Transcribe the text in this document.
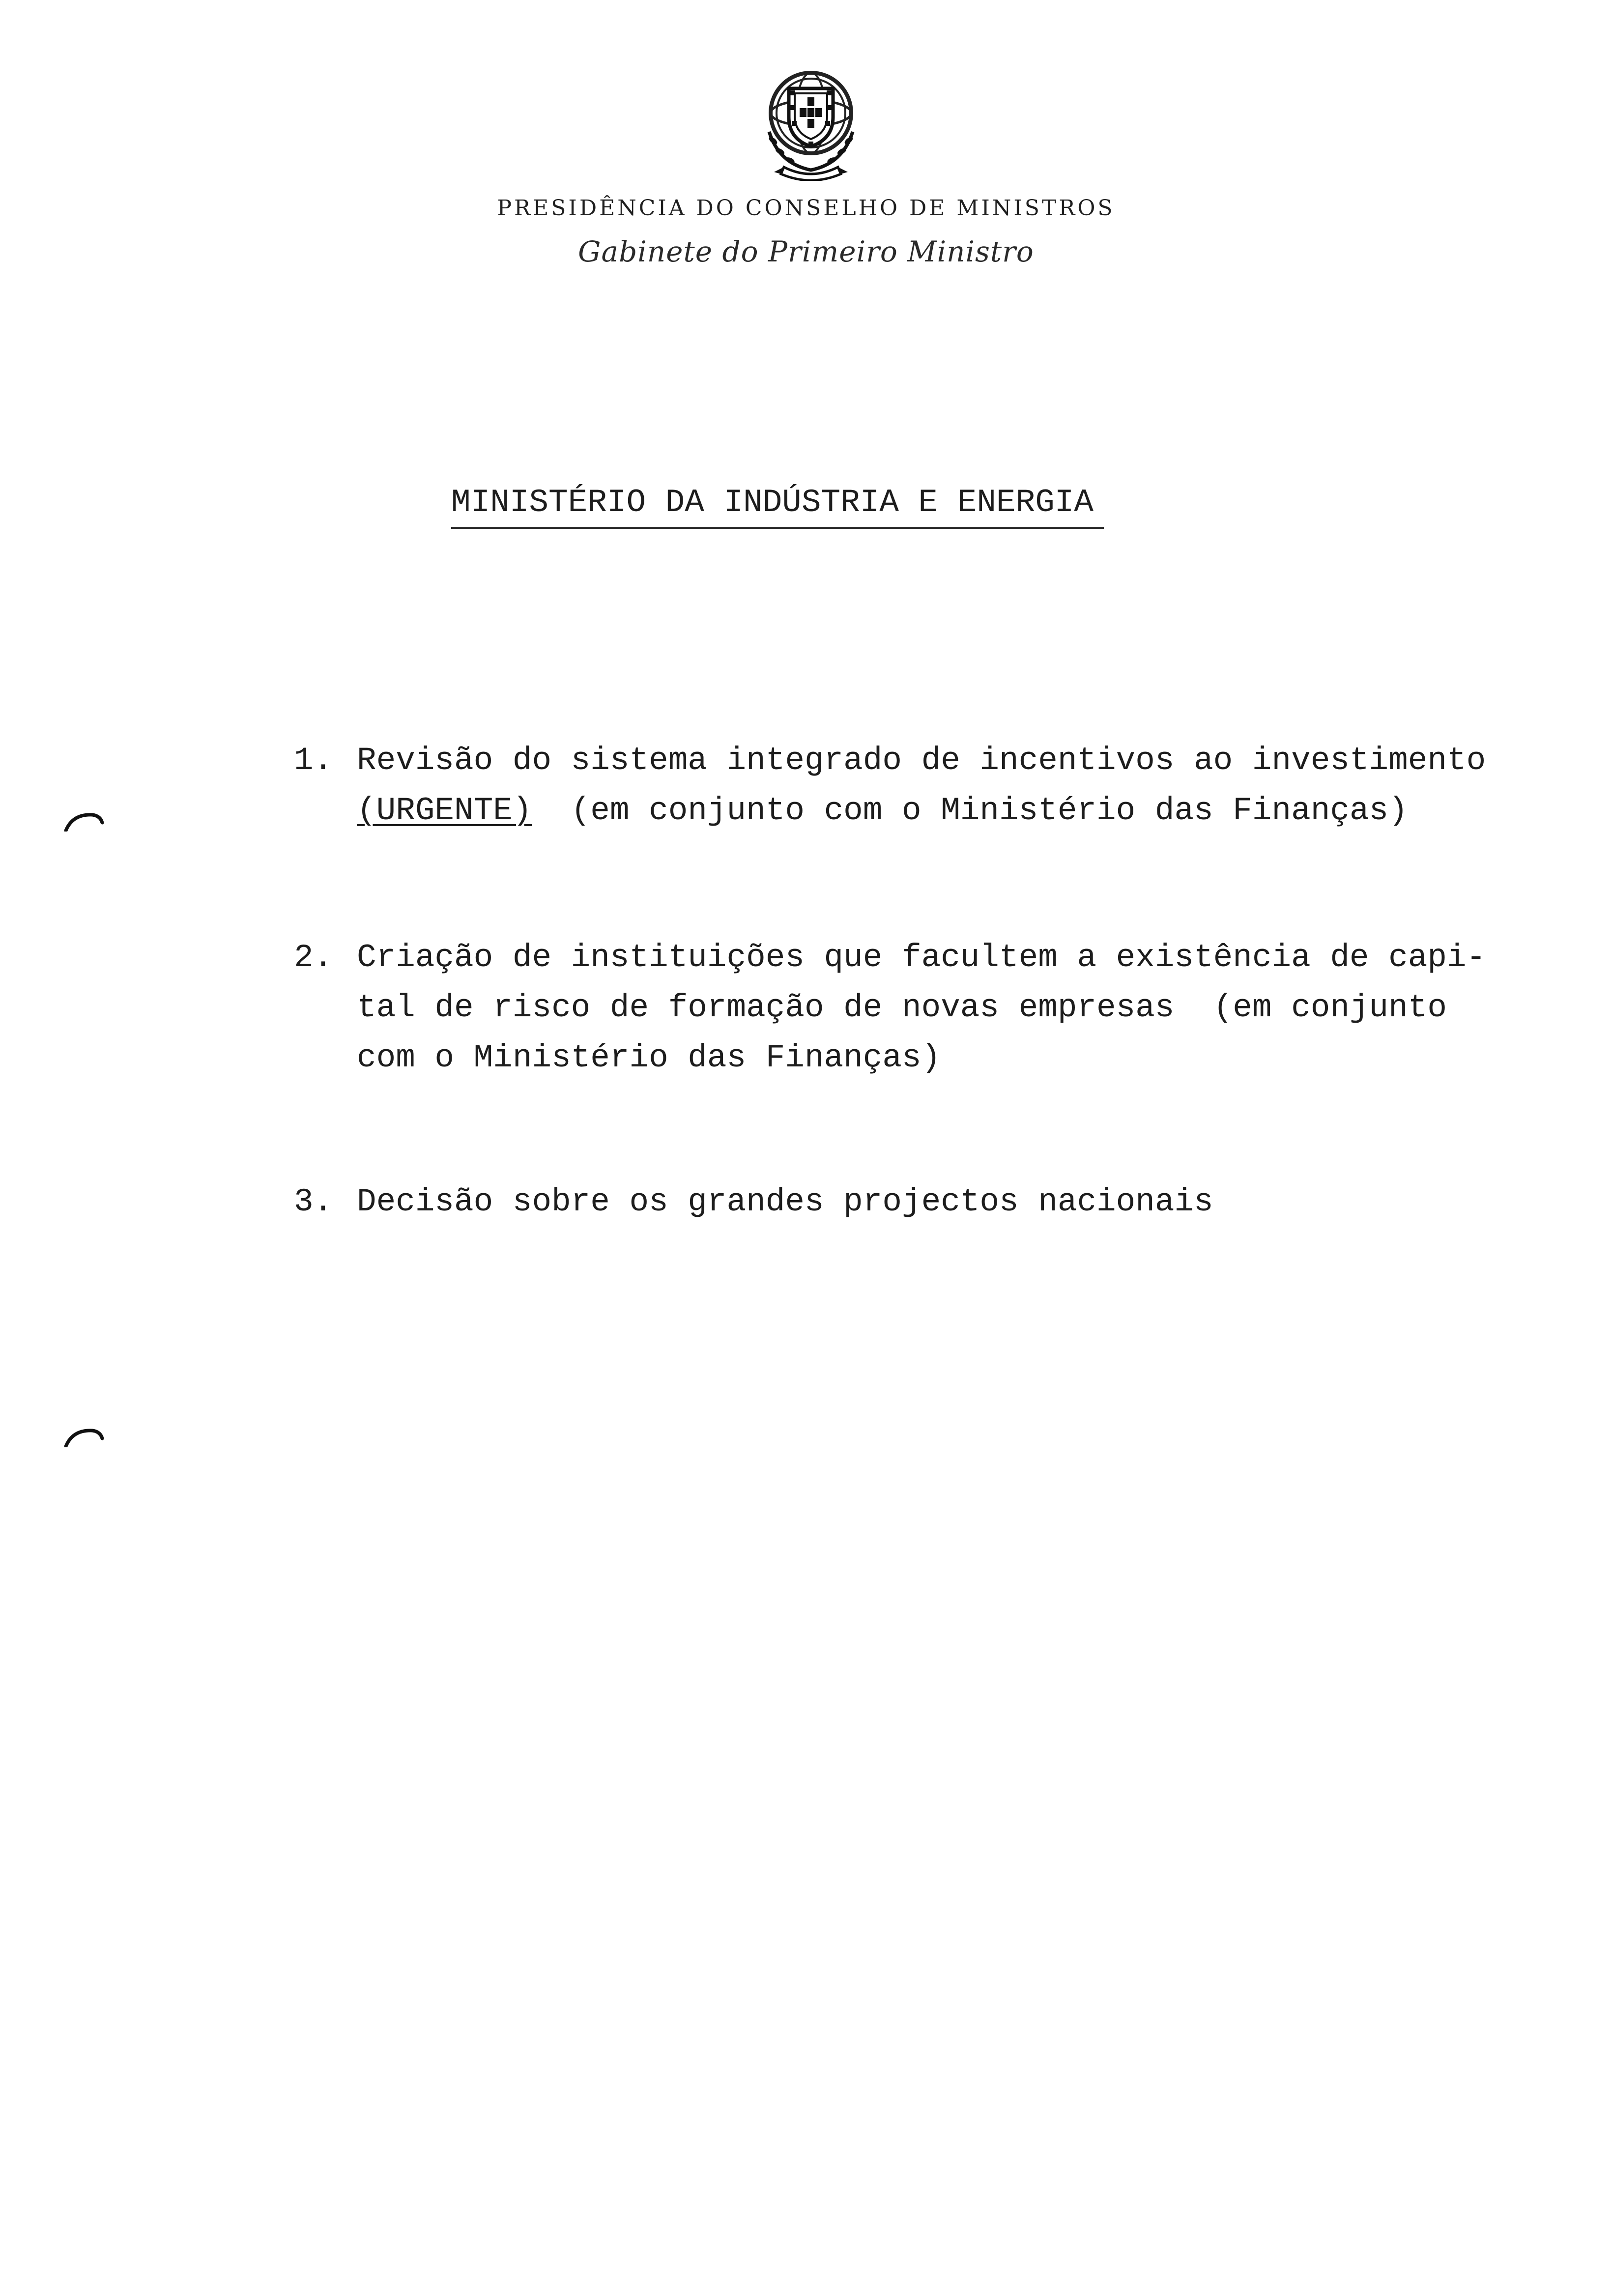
PRESIDÊNCIA DO CONSELHO DE MINISTROS
Gabinete do Primeiro Ministro
MINISTÉRIO DA INDÚSTRIA E ENERGIA
1. Revisão do sistema integrado de incentivos ao investimento
(URGENTE)  (em conjunto com o Ministério das Finanças)
2. Criação de instituições que facultem a existência de capi-
tal de risco de formação de novas empresas  (em conjunto
com o Ministério das Finanças)
3. Decisão sobre os grandes projectos nacionais
